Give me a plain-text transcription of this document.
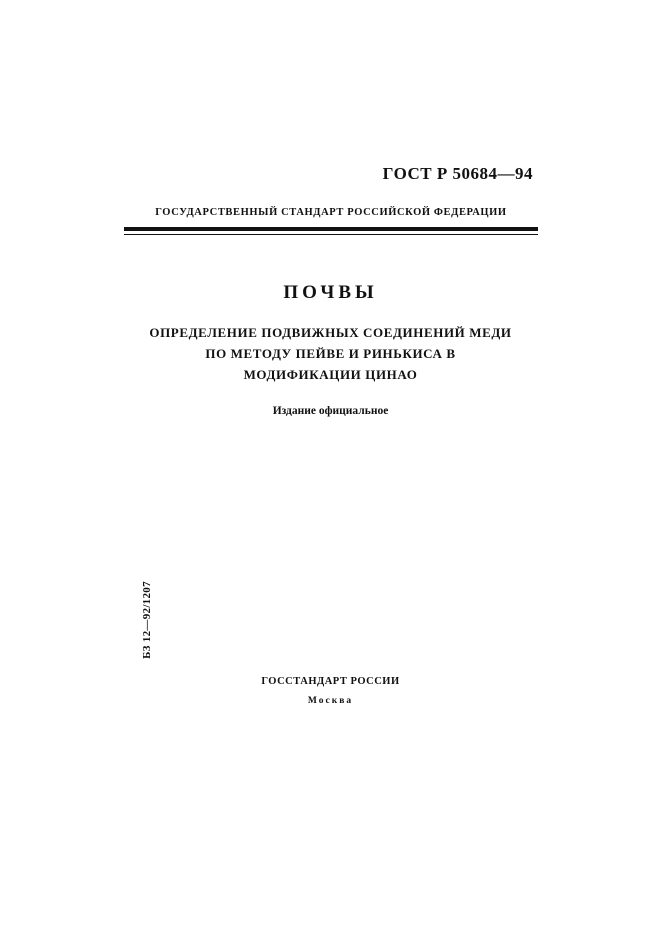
ГОСТ Р 50684—94
ГОСУДАРСТВЕННЫЙ СТАНДАРТ РОССИЙСКОЙ ФЕДЕРАЦИИ
ПОЧВЫ
ОПРЕДЕЛЕНИЕ ПОДВИЖНЫХ СОЕДИНЕНИЙ МЕДИ
ПО МЕТОДУ ПЕЙВЕ И РИНЬКИСА В
МОДИФИКАЦИИ ЦИНАО
Издание официальное
БЗ 12—92/1207
ГОССТАНДАРТ РОССИИ
Москва
